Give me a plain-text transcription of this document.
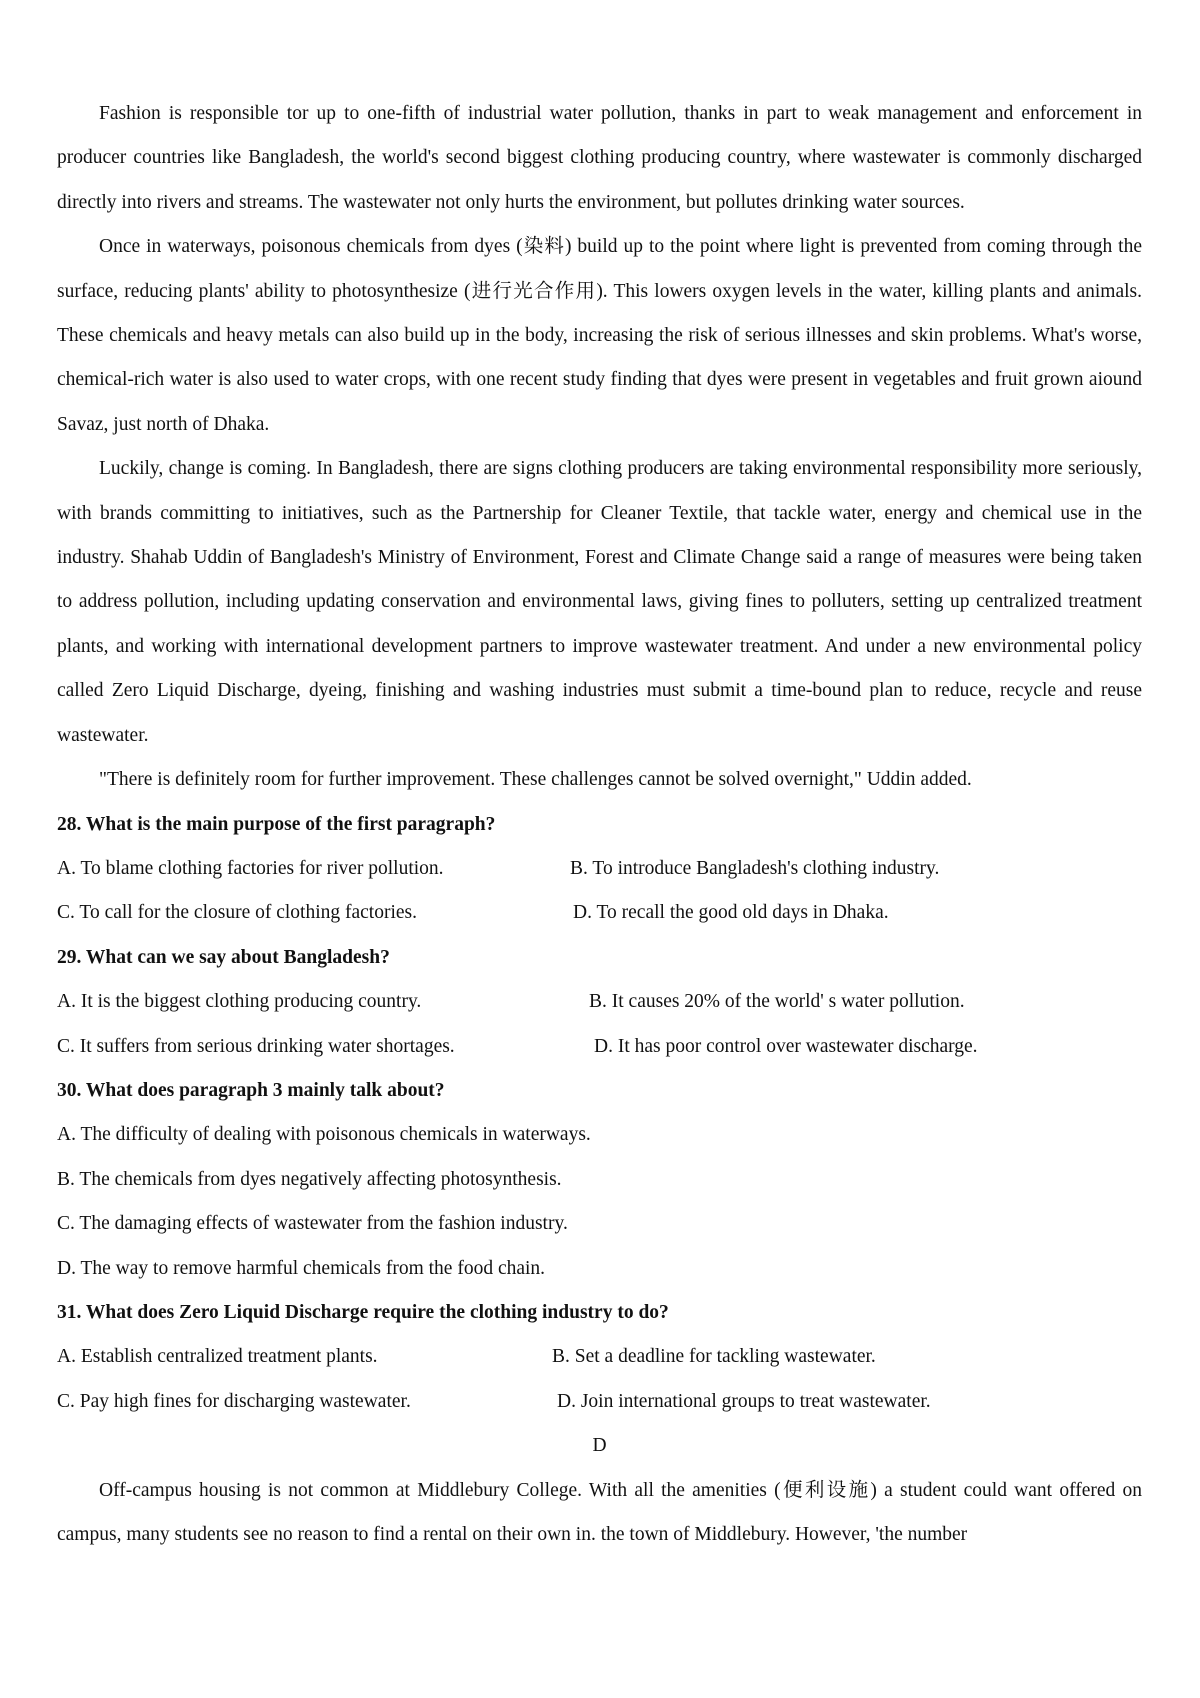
Fashion is responsible tor up to one-fifth of industrial water pollution, thanks in part to weak management and enforcement in producer countries like Bangladesh, the world's second biggest clothing producing country, where wastewater is commonly discharged directly into rivers and streams. The wastewater not only hurts the environment, but pollutes drinking water sources.

Once in waterways, poisonous chemicals from dyes (染料) build up to the point where light is prevented from coming through the surface, reducing plants' ability to photosynthesize (进行光合作用). This lowers oxygen levels in the water, killing plants and animals. These chemicals and heavy metals can also build up in the body, increasing the risk of serious illnesses and skin problems. What's worse, chemical-rich water is also used to water crops, with one recent study finding that dyes were present in vegetables and fruit grown aiound Savaz, just north of Dhaka.

Luckily, change is coming. In Bangladesh, there are signs clothing producers are taking environmental responsibility more seriously, with brands committing to initiatives, such as the Partnership for Cleaner Textile, that tackle water, energy and chemical use in the industry. Shahab Uddin of Bangladesh's Ministry of Environment, Forest and Climate Change said a range of measures were being taken to address pollution, including updating conservation and environmental laws, giving fines to polluters, setting up centralized treatment plants, and working with international development partners to improve wastewater treatment. And under a new environmental policy called Zero Liquid Discharge, dyeing, finishing and washing industries must submit a time-bound plan to reduce, recycle and reuse wastewater.

"There is definitely room for further improvement. These challenges cannot be solved overnight," Uddin added.

28. What is the main purpose of the first paragraph?

A. To blame clothing factories for river pollution.	B. To introduce Bangladesh's clothing industry.
C. To call for the closure of clothing factories.	D. To recall the good old days in Dhaka.

29. What can we say about Bangladesh?

A. It is the biggest clothing producing country.	B. It causes 20% of the world' s water pollution.
C. It suffers from serious drinking water shortages.	D. It has poor control over wastewater discharge.

30. What does paragraph 3 mainly talk about?

A. The difficulty of dealing with poisonous chemicals in waterways.

B. The chemicals from dyes negatively affecting photosynthesis.

C. The damaging effects of wastewater from the fashion industry.

D. The way to remove harmful chemicals from the food chain.

31. What does Zero Liquid Discharge require the clothing industry to do?

A. Establish centralized treatment plants.	B. Set a deadline for tackling wastewater.
C. Pay high fines for discharging wastewater.	D. Join international groups to treat wastewater.

D

Off-campus housing is not common at Middlebury College. With all the amenities (便利设施) a student could want offered on campus, many students see no reason to find a rental on their own in. the town of Middlebury. However, 'the number
